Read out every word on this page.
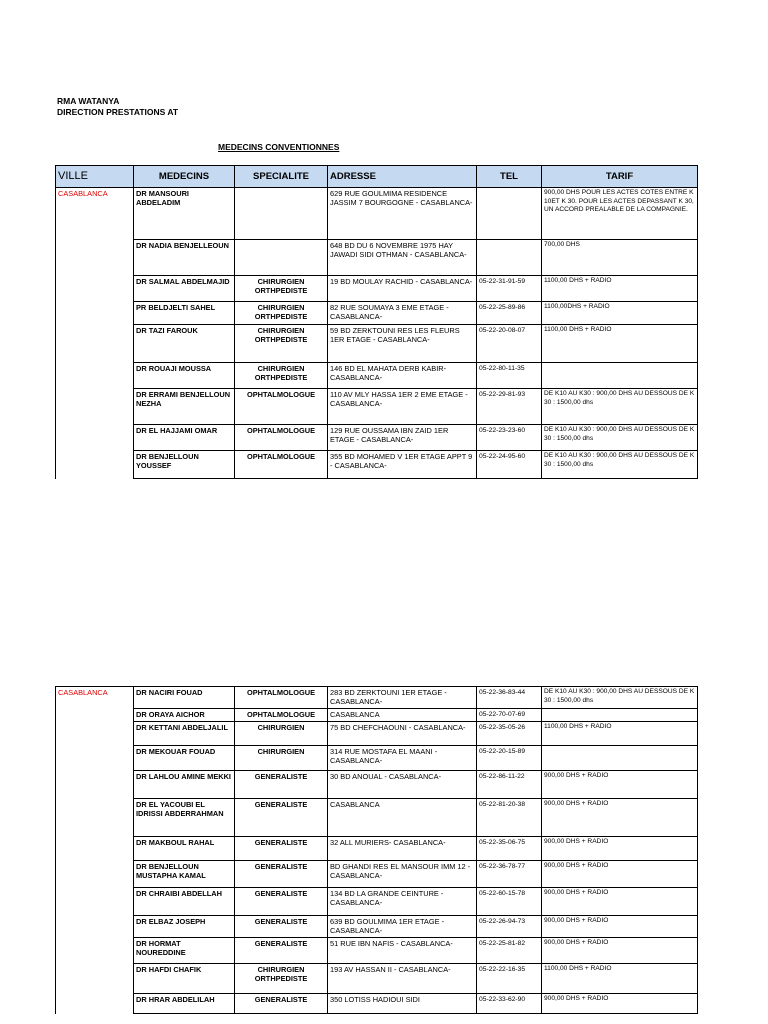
RMA WATANYA
DIRECTION PRESTATIONS AT
MEDECINS CONVENTIONNES
VILLE	MEDECINS	SPECIALITE	ADRESSE	TEL	TARIF
CASABLANCA	DR MANSOURI ABDELADIM		629 RUE GOULMIMA RESIDENCE JASSIM 7 BOURGOGNE - CASABLANCA-		900,00 DHS POUR LES ACTES COTES ENTRE K 10ET K 30. POUR LES ACTES DEPASSANT K 30, UN ACCORD PREALABLE DE LA COMPAGNIE.
	DR NADIA BENJELLEOUN		648 BD DU 6 NOVEMBRE 1975 HAY JAWADI SIDI OTHMAN - CASABLANCA-		700,00 DHS
	DR SALMAL ABDELMAJID	CHIRURGIEN ORTHPEDISTE	19 BD MOULAY RACHID - CASABLANCA-	05-22-31-91-59	1100,00 DHS + RADIO
	PR BELDJELTI SAHEL	CHIRURGIEN ORTHPEDISTE	82 RUE SOUMAYA 3 EME ETAGE - CASABLANCA-	05-22-25-89-86	1100,00DHS + RADIO
	DR TAZI FAROUK	CHIRURGIEN ORTHPEDISTE	59 BD ZERKTOUNI RES LES FLEURS 1ER ETAGE - CASABLANCA-	05-22-20-08-07	1100,00 DHS + RADIO
	DR ROUAJI MOUSSA	CHIRURGIEN ORTHPEDISTE	146 BD EL MAHATA DERB KABIR- CASABLANCA-	05-22-80-11-35	
	DR ERRAMI BENJELLOUN NEZHA	OPHTALMOLOGUE	110 AV MLY HASSA 1ER 2 EME ETAGE - CASABLANCA-	05-22-29-81-93	DE K10 AU K30 : 900,00 DHS AU DESSOUS DE K 30 : 1500,00 dhs
	DR EL HAJJAMI OMAR	OPHTALMOLOGUE	129 RUE OUSSAMA IBN ZAID 1ER ETAGE - CASABLANCA-	05-22-23-23-60	DE K10 AU K30 : 900,00 DHS AU DESSOUS DE K 30 : 1500,00 dhs
	DR BENJELLOUN YOUSSEF	OPHTALMOLOGUE	355 BD MOHAMED V 1ER ETAGE APPT 9 - CASABLANCA-	05-22-24-95-60	DE K10 AU K30 : 900,00 DHS AU DESSOUS DE K 30 : 1500,00 dhs
CASABLANCA	DR NACIRI FOUAD	OPHTALMOLOGUE	283 BD ZERKTOUNI 1ER ETAGE - CASABLANCA-	05-22-36-83-44	DE K10 AU K30 : 900,00 DHS AU DESSOUS DE K 30 : 1500,00 dhs
	DR ORAYA AICHOR	OPHTALMOLOGUE	CASABLANCA	05-22-70-07-69	
	DR KETTANI ABDELJALIL	CHIRURGIEN	75 BD CHEFCHAOUNI - CASABLANCA-	05-22-35-05-26	1100,00 DHS + RADIO
	DR MEKOUAR FOUAD	CHIRURGIEN	314 RUE MOSTAFA EL MAANI - CASABLANCA-	05-22-20-15-89	
	DR LAHLOU AMINE MEKKI	GENERALISTE	30 BD ANOUAL - CASABLANCA-	05-22-86-11-22	900,00 DHS + RADIO
	DR EL YACOUBI EL IDRISSI ABDERRAHMAN	GENERALISTE	CASABLANCA	05-22-81-20-38	900,00 DHS + RADIO
	DR MAKBOUL RAHAL	GENERALISTE	32 ALL MURIERS- CASABLANCA-	05-22-35-06-75	900,00 DHS + RADIO
	DR BENJELLOUN MUSTAPHA KAMAL	GENERALISTE	BD GHANDI RES EL MANSOUR IMM 12 - CASABLANCA-	05-22-36-78-77	900,00 DHS + RADIO
	DR CHRAIBI ABDELLAH	GENERALISTE	134 BD LA GRANDE CEINTURE - CASABLANCA-	05-22-60-15-78	900,00 DHS + RADIO
	DR ELBAZ JOSEPH	GENERALISTE	639 BD GOULMIMA 1ER ETAGE - CASABLANCA-	05-22-26-94-73	900,00 DHS + RADIO
	DR HORMAT NOUREDDINE	GENERALISTE	51 RUE IBN NAFIS - CASABLANCA-	05-22-25-81-82	900,00 DHS + RADIO
	DR HAFDI CHAFIK	CHIRURGIEN ORTHPEDISTE	193 AV HASSAN II - CASABLANCA-	05-22-22-16-35	1100,00 DHS + RADIO
	DR HRAR ABDELILAH	GENERALISTE	350 LOTISS HADIOUI SIDI	05-22-33-62-90	900,00 DHS + RADIO
